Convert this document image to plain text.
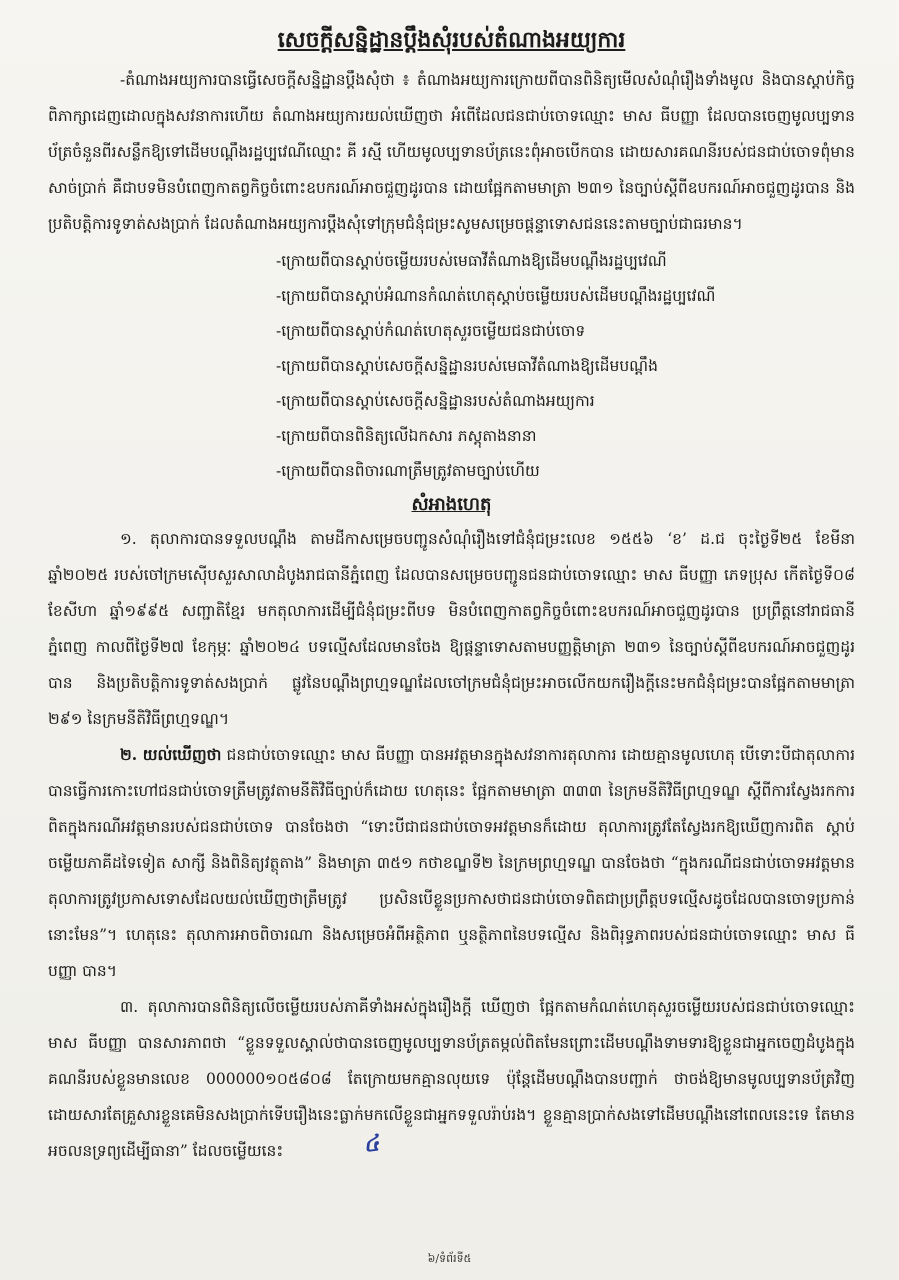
សេចក្ដីសន្និដ្ឋានប្ដឹងសុំរបស់តំណាងអយ្យការ

-តំណាងអយ្យការបានធ្វើសេចក្ដីសន្និដ្ឋានប្ដឹងសុំថា ៖ តំណាងអយ្យការក្រោយពីបានពិនិត្យមើលសំណុំរឿងទាំងមូល និងបានស្ដាប់កិច្ចពិភាក្សាដេញដោលក្នុងសវនាការហើយ តំណាងអយ្យការយល់ឃើញថា អំពើដែលជនជាប់ចោទឈ្មោះ មាស ធីបញ្ញា ដែលបានចេញមូលប្បទានប័ត្រចំនួនពីរសន្លឹកឱ្យទៅដើមបណ្ដឹងរដ្ឋប្បវេណីឈ្មោះ គី រស្មី ហើយមូលប្បទានប័ត្រនេះពុំអាចបើកបាន ដោយសារគណនីរបស់ជនជាប់ចោទពុំមានសាច់ប្រាក់ គឺជាបទមិនបំពេញកាតព្វកិច្ចចំពោះឧបករណ៍អាចជួញដូរបាន ដោយផ្អែកតាមមាត្រា ២៣១ នៃច្បាប់ស្ដីពីឧបករណ៍អាចជួញដូរបាន និងប្រតិបត្តិការទូទាត់សងប្រាក់ ដែលតំណាងអយ្យការប្ដឹងសុំទៅក្រុមជំនុំជម្រះសូមសម្រេចផ្ដន្ទាទោសជននេះតាមច្បាប់ជាធរមាន។

-ក្រោយពីបានស្ដាប់ចម្លើយរបស់មេធាវីតំណាងឱ្យដើមបណ្ដឹងរដ្ឋប្បវេណី
-ក្រោយពីបានស្ដាប់អំណានកំណត់ហេតុស្ដាប់ចម្លើយរបស់ដើមបណ្ដឹងរដ្ឋប្បវេណី
-ក្រោយពីបានស្ដាប់កំណត់ហេតុសួរចម្លើយជនជាប់ចោទ
-ក្រោយពីបានស្ដាប់សេចក្ដីសន្និដ្ឋានរបស់មេធាវីតំណាងឱ្យដើមបណ្ដឹង
-ក្រោយពីបានស្ដាប់សេចក្ដីសន្និដ្ឋានរបស់តំណាងអយ្យការ
-ក្រោយពីបានពិនិត្យលើឯកសារ ភស្ដុតាងនានា
-ក្រោយពីបានពិចារណាត្រឹមត្រូវតាមច្បាប់ហើយ
សំអាងហេតុ

១. តុលាការបានទទួលបណ្ដឹង តាមដីកាសម្រេចបញ្ជូនសំណុំរឿងទៅជំនុំជម្រះលេខ ១៥៥៦ ‘ខ’ ដ.ជ ចុះថ្ងៃទី២៥ ខែមីនា ឆ្នាំ២០២៥ របស់ចៅក្រមស៊ើបសួរសាលាដំបូងរាជធានីភ្នំពេញ ដែលបានសម្រេចបញ្ជូនជនជាប់ចោទឈ្មោះ មាស ធីបញ្ញា ភេទប្រុស កើតថ្ងៃទី០៨ ខែសីហា ឆ្នាំ១៩៩៥ សញ្ជាតិខ្មែរ មកតុលាការដើម្បីជំនុំជម្រះពីបទ មិនបំពេញកាតព្វកិច្ចចំពោះឧបករណ៍អាចជួញដូរបាន ប្រព្រឹត្តនៅរាជធានីភ្នំពេញ កាលពីថ្ងៃទី២៧ ខែកុម្ភៈ ឆ្នាំ២០២៤ បទល្មើសដែលមានចែង ឱ្យផ្ដន្ទាទោសតាមបញ្ញត្តិមាត្រា ២៣១ នៃច្បាប់ស្ដីពីឧបករណ៍អាចជួញដូរបាន និងប្រតិបត្តិការទូទាត់សងប្រាក់ ផ្លូវនៃបណ្ដឹងព្រហ្មទណ្ឌដែលចៅក្រមជំនុំជម្រះអាចលើកយករឿងក្ដីនេះមកជំនុំជម្រះបានផ្អែកតាមមាត្រា ២៩១ នៃក្រមនីតិវិធីព្រហ្មទណ្ឌ។

២. យល់ឃើញថា ជនជាប់ចោទឈ្មោះ មាស ធីបញ្ញា បានអវត្តមានក្នុងសវនាការតុលាការ ដោយគ្មានមូលហេតុ បើទោះបីជាតុលាការបានធ្វើការកោះហៅជនជាប់ចោទត្រឹមត្រូវតាមនីតិវិធីច្បាប់ក៏ដោយ ហេតុនេះ ផ្អែកតាមមាត្រា ៣៣៣ នៃក្រមនីតិវិធីព្រហ្មទណ្ឌ ស្ដីពីការស្វែងរកការពិតក្នុងករណីអវត្តមានរបស់ជនជាប់ចោទ បានចែងថា “ទោះបីជាជនជាប់ចោទអវត្តមានក៏ដោយ តុលាការត្រូវតែស្វែងរកឱ្យឃើញការពិត ស្ដាប់ចម្លើយភាគីដទៃទៀត សាក្សី និងពិនិត្យវត្ថុតាង” និងមាត្រា ៣៥១ កថាខណ្ឌទី២ នៃក្រមព្រហ្មទណ្ឌ បានចែងថា “ក្នុងករណីជនជាប់ចោទអវត្តមាន តុលាការត្រូវប្រកាសទោសដែលយល់ឃើញថាត្រឹមត្រូវ ប្រសិនបើខ្លួនប្រកាសថាជនជាប់ចោទពិតជាប្រព្រឹត្តបទល្មើសដូចដែលបានចោទប្រកាន់នោះមែន”។ ហេតុនេះ តុលាការអាចពិចារណា និងសម្រេចអំពីអត្ថិភាព ឬនត្ថិភាពនៃបទល្មើស និងពិរុទ្ធភាពរបស់ជនជាប់ចោទឈ្មោះ មាស ធីបញ្ញា បាន។

៣. តុលាការបានពិនិត្យលើចម្លើយរបស់ភាគីទាំងអស់ក្នុងរឿងក្ដី ឃើញថា ផ្អែកតាមកំណត់ហេតុសួរចម្លើយរបស់ជនជាប់ចោទឈ្មោះ មាស ធីបញ្ញា បានសារភាពថា “ខ្លួនទទួលស្គាល់ថាបានចេញមូលប្បទានប័ត្រតម្កល់ពិតមែនព្រោះដើមបណ្ដឹងទាមទារឱ្យខ្លួនជាអ្នកចេញដំបូងក្នុងគណនីរបស់ខ្លួនមានលេខ 000000១០៥៨០៨ តែក្រោយមកគ្មានលុយទេ ប៉ុន្តែដើមបណ្ដឹងបានបញ្ជាក់ ថាចង់ឱ្យមានមូលប្បទានប័ត្រវិញ ដោយសារតែគ្រួសារខ្លួនគេមិនសងប្រាក់ទើបរឿងនេះធ្លាក់មកលើខ្លួនជាអ្នកទទួលរ៉ាប់រង។ ខ្លួនគ្មានប្រាក់សងទៅដើមបណ្ដឹងនៅពេលនេះទេ តែមានអចលនទ្រព្យដើម្បីធានា” ដែលចម្លើយនេះ	៤

៦/ទំព័រទី៥
